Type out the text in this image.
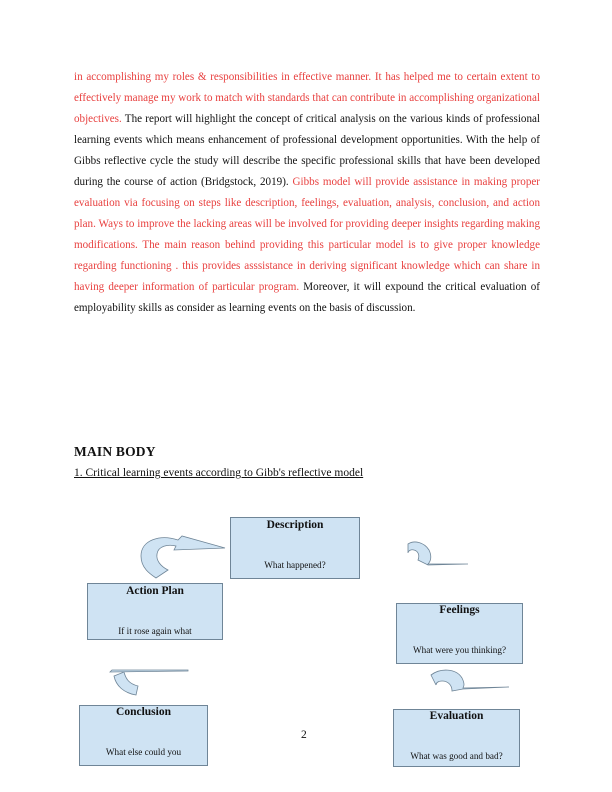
in accomplishing my roles & responsibilities in effective manner. It has helped me to certain extent to effectively manage my work to match with standards that can contribute in accomplishing organizational objectives. The report will highlight the concept of critical analysis on the various kinds of professional learning events which means enhancement of professional development opportunities. With the help of Gibbs reflective cycle the study will describe the specific professional skills that have been developed during the course of action (Bridgstock, 2019). Gibbs model will provide assistance in making proper evaluation via focusing on steps like description, feelings, evaluation, analysis, conclusion, and action plan. Ways to improve the lacking areas will be involved for providing deeper insights regarding making modifications. The main reason behind providing this particular model is to give proper knowledge regarding functioning . this provides asssistance in deriving significant knowledge which can share in having deeper information of particular program. Moreover, it will expound the critical evaluation of employability skills as consider as learning events on the basis of discussion.

MAIN BODY

1. Critical learning events according to Gibb's reflective model

Description
What happened?
Action Plan
If it rose again what
Feelings
What were you thinking?
Conclusion
What else could you
Evaluation
What was good and bad?
2
